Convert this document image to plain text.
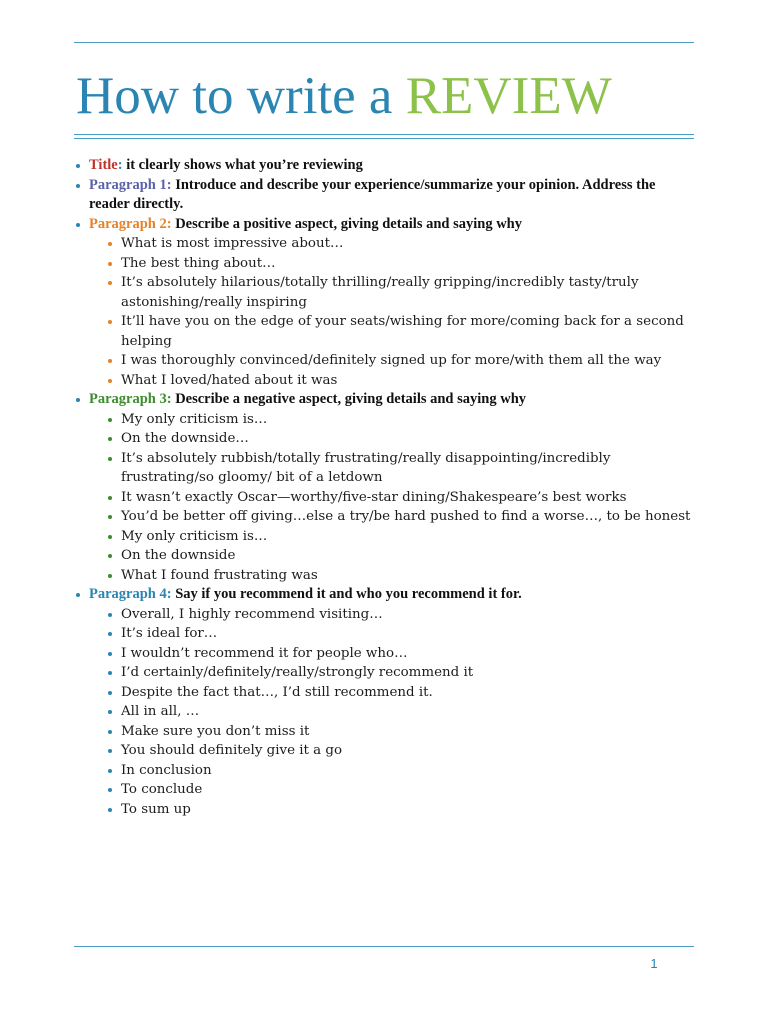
How to write a REVIEW
Title: it clearly shows what you’re reviewing
Paragraph 1: Introduce and describe your experience/summarize your opinion. Address the reader directly.
Paragraph 2: Describe a positive aspect, giving details and saying why
What is most impressive about…
The best thing about…
It’s absolutely hilarious/totally thrilling/really gripping/incredibly tasty/truly astonishing/really inspiring
It’ll have you on the edge of your seats/wishing for more/coming back for a second helping
I was thoroughly convinced/definitely signed up for more/with them all the way
What I loved/hated about it was
Paragraph 3: Describe a negative aspect, giving details and saying why
My only criticism is…
On the downside…
It’s absolutely rubbish/totally frustrating/really disappointing/incredibly frustrating/so gloomy/ bit of a letdown
It wasn’t exactly Oscar—worthy/five-star dining/Shakespeare’s best works
You’d be better off giving…else a try/be hard pushed to find a worse…, to be honest
My only criticism is…
On the downside
What I found frustrating was
Paragraph 4: Say if you recommend it and who you recommend it for.
Overall, I highly recommend visiting…
It’s ideal for…
I wouldn’t recommend it for people who…
I’d certainly/definitely/really/strongly recommend it
Despite the fact that…, I’d still recommend it.
All in all, …
Make sure you don’t miss it
You should definitely give it a go
In conclusion
To conclude
To sum up
1
